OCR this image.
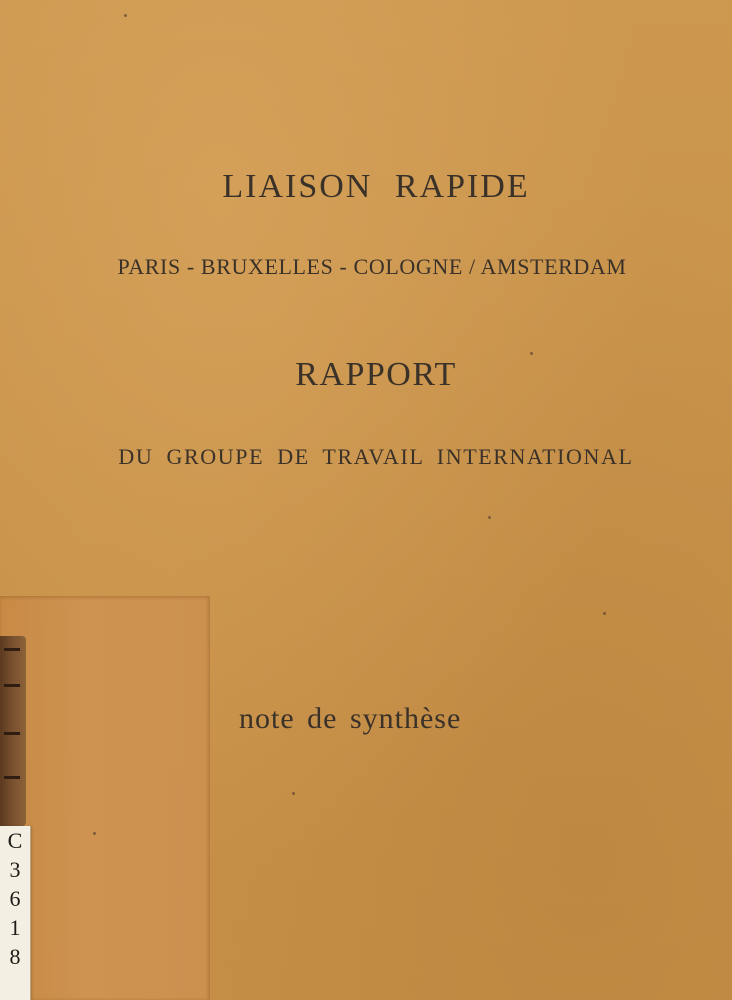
C
3
6
1
8
LIAISON RAPIDE
PARIS - BRUXELLES - COLOGNE / AMSTERDAM
RAPPORT
DU GROUPE DE TRAVAIL INTERNATIONAL
note de synthèse
